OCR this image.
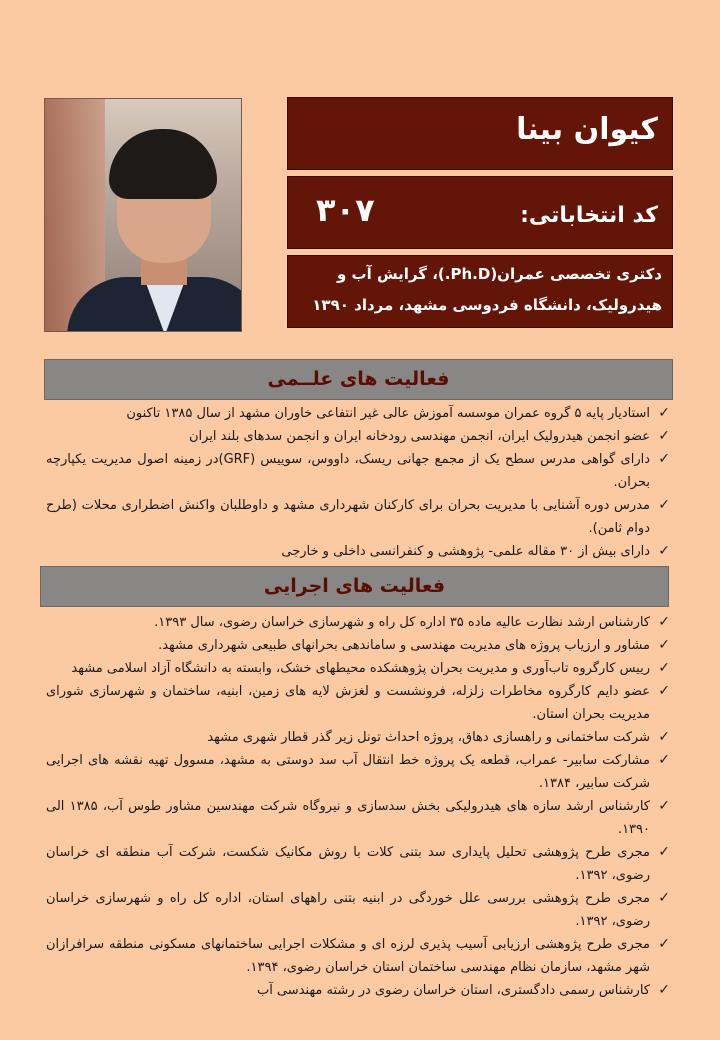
کیوان بینا
کد انتخاباتی:
۳۰۷
دکتری تخصصی عمران(Ph.D.)، گرایش آب و هیدرولیک، دانشگاه فردوسی مشهد، مرداد ۱۳۹۰
فعالیت های علــمی
✓
استادیار پایه ۵ گروه عمران موسسه آموزش عالی غیر انتفاعی خاوران مشهد از سال ۱۳۸۵ تاکنون
✓
عضو انجمن هیدرولیک ایران، انجمن مهندسی رودخانه ایران و انجمن سدهای بلند ایران
✓
دارای گواهی مدرس سطح یک از مجمع جهانی ریسک، داووس، سوییس (GRF)در زمینه اصول مدیریت یکپارچه بحران.
✓
مدرس دوره آشنایی با مدیریت بحران برای کارکنان شهرداری مشهد و داوطلبان واکنش اضطراری محلات (طرح دوام ثامن).
✓
دارای بیش از ۳۰ مقاله علمی- پژوهشی و کنفرانسی داخلی و خارجی
فعالیت های اجرایی
✓
کارشناس ارشد نظارت عالیه ماده ۳۵ اداره کل راه و شهرسازی خراسان رضوی، سال ۱۳۹۳.
✓
مشاور و ارزیاب پروژه های مدیریت مهندسی و ساماندهی بحرانهای طبیعی شهرداری مشهد.
✓
رییس کارگروه تاب‌آوری و مدیریت بحران پژوهشکده محیطهای خشک، وابسته به دانشگاه آزاد اسلامی مشهد
✓
عضو دایم کارگروه مخاطرات زلزله، فرونشست و لغزش لایه های زمین، ابنیه، ساختمان و شهرسازی شورای مدیریت بحران استان.
✓
شرکت ساختمانی و راهسازی دهاق، پروژه احداث تونل زیر گذر قطار شهری مشهد
✓
مشارکت سابیر- عمراب، قطعه یک پروژه خط انتقال آب سد دوستی به مشهد، مسوول تهیه نقشه های اجرایی شرکت سابیر، ۱۳۸۴.
✓
کارشناس ارشد سازه های هیدرولیکی بخش سدسازی و نیروگاه شرکت مهندسین مشاور طوس آب، ۱۳۸۵ الی ۱۳۹۰.
✓
مجری طرح پژوهشی تحلیل پایداری سد بتنی کلات با روش مکانیک شکست، شرکت آب منطقه ای خراسان رضوی، ۱۳۹۲.
✓
مجری طرح پژوهشی بررسی علل خوردگی در ابنیه بتنی راههای استان، اداره کل راه و شهرسازی خراسان رضوی، ۱۳۹۲.
✓
مجری طرح پژوهشی ارزیابی آسیب پذیری لرزه ای و مشکلات اجرایی ساختمانهای مسکونی منطقه سرافرازان شهر مشهد، سازمان نظام مهندسی ساختمان استان خراسان رضوی، ۱۳۹۴.
✓
کارشناس رسمی دادگستری، استان خراسان رضوی در رشته مهندسی آب
